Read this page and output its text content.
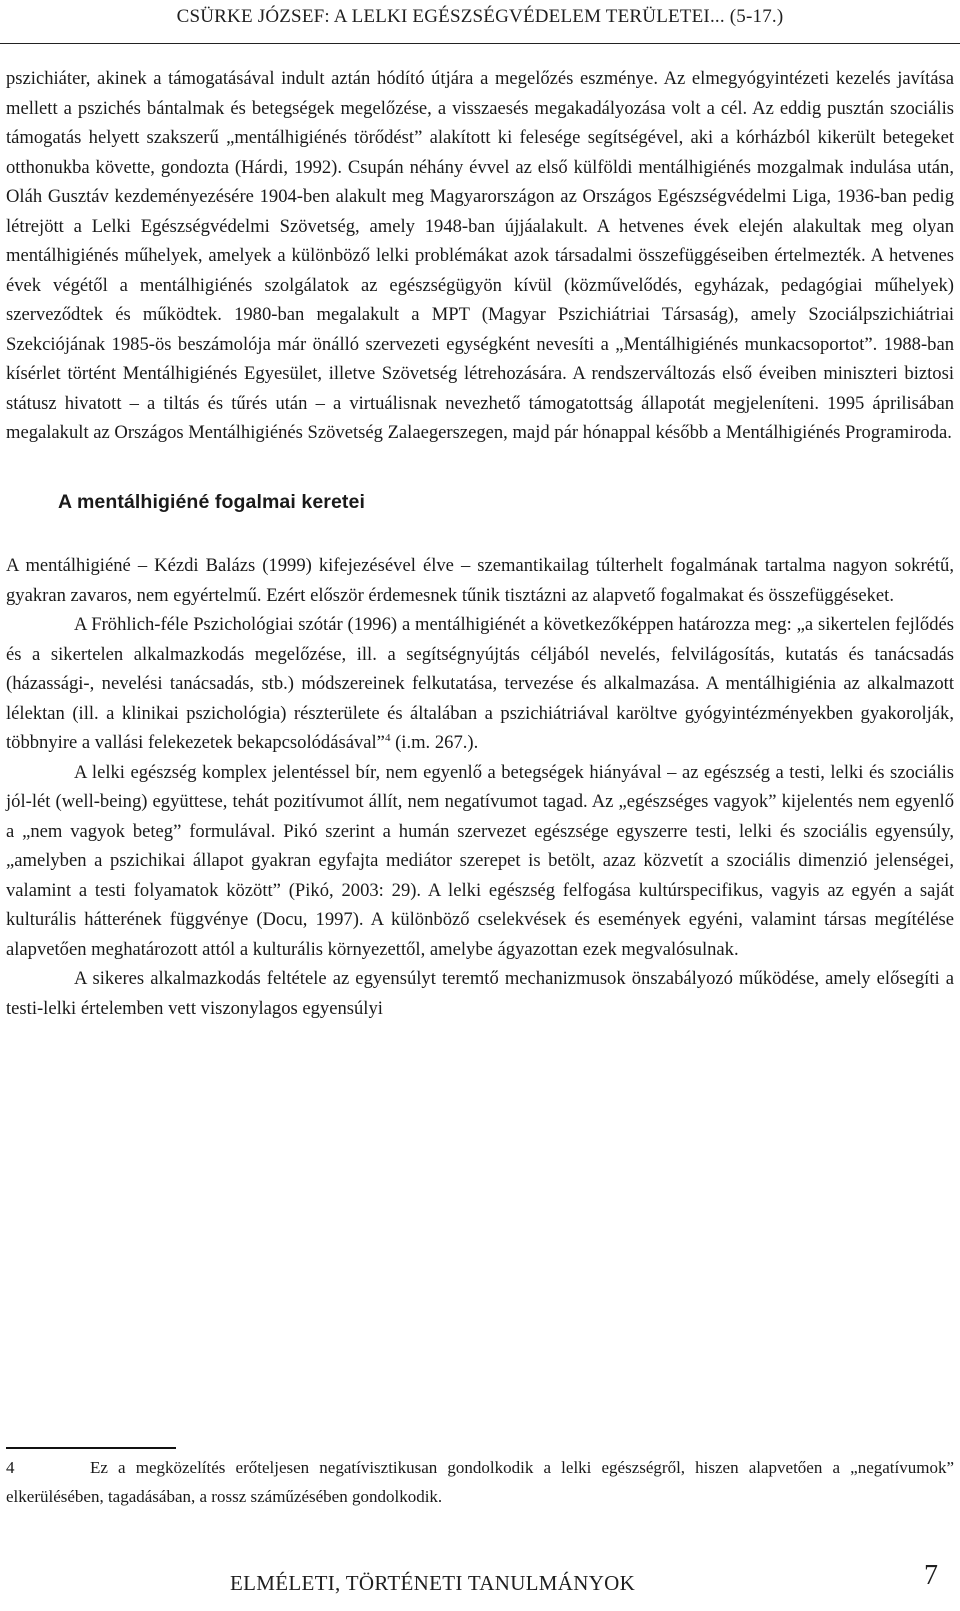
CSÜRKE JÓZSEF: A LELKI EGÉSZSÉGVÉDELEM TERÜLETEI... (5-17.)

pszichiáter, akinek a támogatásával indult aztán hódító útjára a megelőzés eszménye. Az elmegyógyintézeti kezelés javítása mellett a pszichés bántalmak és betegségek megelőzése, a visszaesés megakadályozása volt a cél. Az eddig pusztán szociális támogatás helyett szakszerű „mentálhigiénés törődést” alakított ki felesége segítségével, aki a kórházból kikerült betegeket otthonukba követte, gondozta (Hárdi, 1992). Csupán néhány évvel az első külföldi mentálhigiénés mozgalmak indulása után, Oláh Gusztáv kezdeményezésére 1904-ben alakult meg Magyarországon az Országos Egészségvédelmi Liga, 1936-ban pedig létrejött a Lelki Egészségvédelmi Szövetség, amely 1948-ban újjáalakult. A hetvenes évek elején alakultak meg olyan mentálhigiénés műhelyek, amelyek a különböző lelki problémákat azok társadalmi összefüggéseiben értelmezték. A hetvenes évek végétől a mentálhigiénés szolgálatok az egészségügyön kívül (közművelődés, egyházak, pedagógiai műhelyek) szerveződtek és működtek. 1980-ban megalakult a MPT (Magyar Pszichiátriai Társaság), amely Szociálpszichiátriai Szekciójának 1985-ös beszámolója már önálló szervezeti egységként nevesíti a „Mentálhigiénés munkacsoportot”. 1988-ban kísérlet történt Mentálhigiénés Egyesület, illetve Szövetség létrehozására. A rendszerváltozás első éveiben miniszteri biztosi státusz hivatott – a tiltás és tűrés után – a virtuálisnak nevezhető támogatottság állapotát megjeleníteni. 1995 áprilisában megalakult az Országos Mentálhigiénés Szövetség Zalaegerszegen, majd pár hónappal később a Mentálhigiénés Programiroda.

A mentálhigiéné fogalmai keretei

A mentálhigiéné – Kézdi Balázs (1999) kifejezésével élve – szemantikailag túlterhelt fogalmának tartalma nagyon sokrétű, gyakran zavaros, nem egyértelmű. Ezért először érdemesnek tűnik tisztázni az alapvető fogalmakat és összefüggéseket.

A Fröhlich-féle Pszichológiai szótár (1996) a mentálhigiénét a következőképpen határozza meg: „a sikertelen fejlődés és a sikertelen alkalmazkodás megelőzése, ill. a segítségnyújtás céljából nevelés, felvilágosítás, kutatás és tanácsadás (házassági-, nevelési tanácsadás, stb.) módszereinek felkutatása, tervezése és alkalmazása. A mentálhigiénia az alkalmazott lélektan (ill. a klinikai pszichológia) részterülete és általában a pszichiátriával karöltve gyógyintézményekben gyakorolják, többnyire a vallási felekezetek bekapcsolódásával”$^4$ (i.m. 267.).

A lelki egészség komplex jelentéssel bír, nem egyenlő a betegségek hiányával – az egészség a testi, lelki és szociális jól-lét (well-being) együttese, tehát pozitívumot állít, nem negatívumot tagad. Az „egészséges vagyok” kijelentés nem egyenlő a „nem vagyok beteg” formulával. Pikó szerint a humán szervezet egészsége egyszerre testi, lelki és szociális egyensúly, „amelyben a pszichikai állapot gyakran egyfajta mediátor szerepet is betölt, azaz közvetít a szociális dimenzió jelenségei, valamint a testi folyamatok között” (Pikó, 2003: 29). A lelki egészség felfogása kultúrspecifikus, vagyis az egyén a saját kulturális hátterének függvénye (Docu, 1997). A különböző cselekvések és események egyéni, valamint társas megítélése alapvetően meghatározott attól a kulturális környezettől, amelybe ágyazottan ezek megvalósulnak.

A sikeres alkalmazkodás feltétele az egyensúlyt teremtő mechanizmusok önszabályozó működése, amely elősegíti a testi-lelki értelemben vett viszonylagos egyensúlyi

4	Ez a megközelítés erőteljesen negatívisztikusan gondolkodik a lelki egészségről, hiszen alapvetően a „negatívumok” elkerülésében, tagadásában, a rossz száműzésében gondolkodik.
ELMÉLETI, TÖRTÉNETI TANULMÁNYOK	7
